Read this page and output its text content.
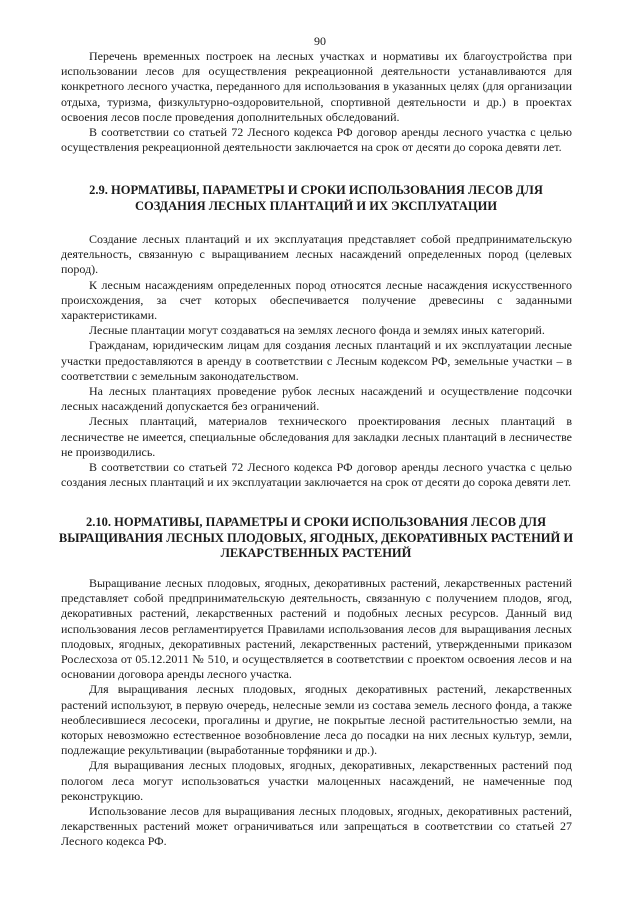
90

Перечень временных построек на лесных участках и нормативы их благоустройства при использовании лесов для осуществления рекреационной деятельности устанавливаются для конкретного лесного участка, переданного для использования в указанных целях (для организации отдыха, туризма, физкультурно-оздоровительной, спортивной деятельности и др.) в проектах освоения лесов после проведения дополнительных обследований.

В соответствии со статьей 72 Лесного кодекса РФ договор аренды лесного участка с целью осуществления рекреационной деятельности заключается на срок от десяти до сорока девяти лет.

2.9. НОРМАТИВЫ, ПАРАМЕТРЫ И СРОКИ ИСПОЛЬЗОВАНИЯ ЛЕСОВ ДЛЯ СОЗДАНИЯ ЛЕСНЫХ ПЛАНТАЦИЙ И ИХ ЭКСПЛУАТАЦИИ

Создание лесных плантаций и их эксплуатация представляет собой предпринимательскую деятельность, связанную с выращиванием лесных насаждений определенных пород (целевых пород).

К лесным насаждениям определенных пород относятся лесные насаждения искусственного происхождения, за счет которых обеспечивается получение древесины с заданными характеристиками.

Лесные плантации могут создаваться на землях лесного фонда и землях иных категорий.

Гражданам, юридическим лицам для создания лесных плантаций и их эксплуатации лесные участки предоставляются в аренду в соответствии с Лесным кодексом РФ, земельные участки – в соответствии с земельным законодательством.

На лесных плантациях проведение рубок лесных насаждений и осуществление подсочки лесных насаждений допускается без ограничений.

Лесных плантаций, материалов технического проектирования лесных плантаций в лесничестве не имеется, специальные обследования для закладки лесных плантаций в лесничестве не производились.

В соответствии со статьей 72 Лесного кодекса РФ договор аренды лесного участка с целью создания лесных плантаций и их эксплуатации заключается на срок от десяти до сорока девяти лет.

2.10. НОРМАТИВЫ, ПАРАМЕТРЫ И СРОКИ ИСПОЛЬЗОВАНИЯ ЛЕСОВ ДЛЯ ВЫРАЩИВАНИЯ ЛЕСНЫХ ПЛОДОВЫХ, ЯГОДНЫХ, ДЕКОРАТИВНЫХ РАСТЕНИЙ И ЛЕКАРСТВЕННЫХ РАСТЕНИЙ

Выращивание лесных плодовых, ягодных, декоративных растений, лекарственных растений представляет собой предпринимательскую деятельность, связанную с получением плодов, ягод, декоративных растений, лекарственных растений и подобных лесных ресурсов. Данный вид использования лесов регламентируется Правилами использования лесов для выращивания лесных плодовых, ягодных, декоративных растений, лекарственных растений, утвержденными приказом Рослесхоза от 05.12.2011 № 510, и осуществляется в соответствии с проектом освоения лесов и на основании договора аренды лесного участка.

Для выращивания лесных плодовых, ягодных декоративных растений, лекарственных растений используют, в первую очередь, нелесные земли из состава земель лесного фонда, а также необлесившиеся лесосеки, прогалины и другие, не покрытые лесной растительностью земли, на которых невозможно естественное возобновление леса до посадки на них лесных культур, земли, подлежащие рекультивации (выработанные торфяники и др.).

Для выращивания лесных плодовых, ягодных, декоративных, лекарственных растений под пологом леса могут использоваться участки малоценных насаждений, не намеченные под реконструкцию.

Использование лесов для выращивания лесных плодовых, ягодных, декоративных растений, лекарственных растений может ограничиваться или запрещаться в соответствии со статьей 27 Лесного кодекса РФ.
